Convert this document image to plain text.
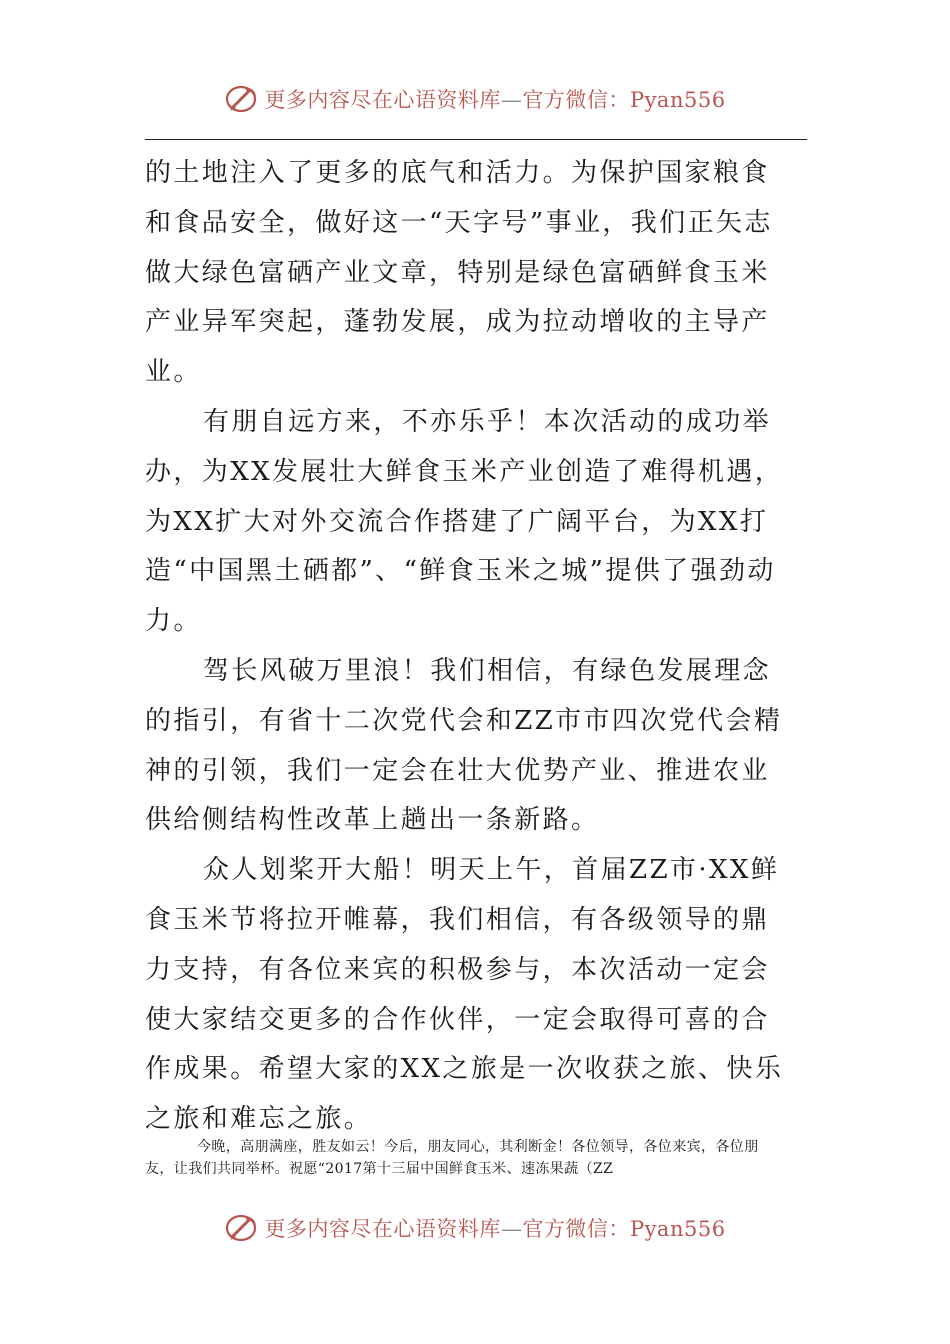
更多内容尽在心语资料库—官方微信：Pyan556

的土地注入了更多的底气和活力。为保护国家粮食和食品安全，做好这一“天字号”事业，我们正矢志做大绿色富硒产业文章，特别是绿色富硒鲜食玉米产业异军突起，蓬勃发展，成为拉动增收的主导产业。

有朋自远方来，不亦乐乎！本次活动的成功举办，为XX发展壮大鲜食玉米产业创造了难得机遇，为XX扩大对外交流合作搭建了广阔平台，为XX打造“中国黑土硒都”、“鲜食玉米之城”提供了强劲动力。

驾长风破万里浪！我们相信，有绿色发展理念的指引，有省十二次党代会和ZZ市市四次党代会精神的引领，我们一定会在壮大优势产业、推进农业供给侧结构性改革上趟出一条新路。

众人划桨开大船！明天上午，首届ZZ市·XX鲜食玉米节将拉开帷幕，我们相信，有各级领导的鼎力支持，有各位来宾的积极参与，本次活动一定会使大家结交更多的合作伙伴，一定会取得可喜的合作成果。希望大家的XX之旅是一次收获之旅、快乐之旅和难忘之旅。

今晚，高朋满座，胜友如云！今后，朋友同心，其利断金！各位领导，各位来宾，各位朋友，让我们共同举杯。祝愿“2017第十三届中国鲜食玉米、速冻果蔬（ZZ

更多内容尽在心语资料库—官方微信：Pyan556
